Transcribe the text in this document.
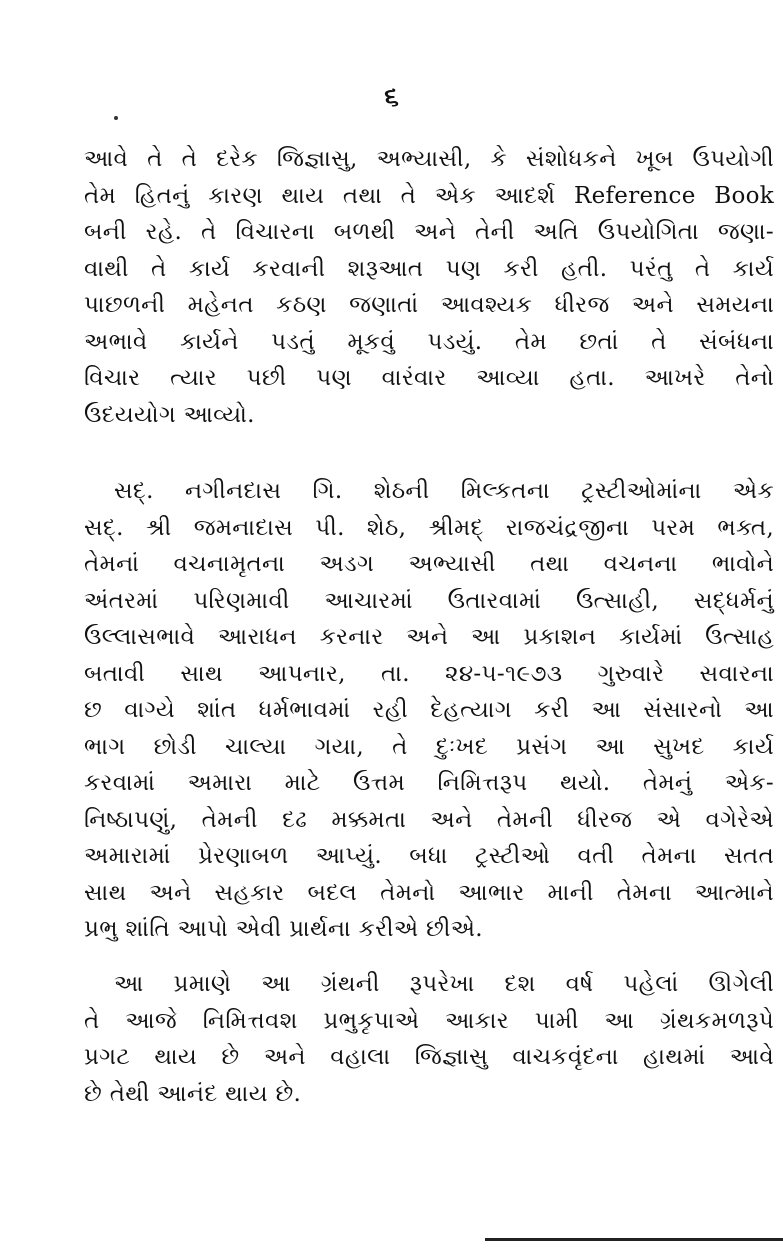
૬
આવે તે તે દરેક જિજ્ઞાસુ, અભ્યાસી, કે સંશોધકને ખૂબ ઉપયોગી
તેમ હિતનું કારણ થાય તથા તે એક આદર્શ Reference Book
બની રહે. તે વિચારના બળથી અને તેની અતિ ઉપયોગિતા જણા-
વાથી તે કાર્ય કરવાની શરૂઆત પણ કરી હતી. પરંતુ તે કાર્ય
પાછળની મહેનત કઠણ જણાતાં આવશ્યક ધીરજ અને સમયના
અભાવે કાર્યને પડતું મૂકવું પડયું. તેમ છતાં તે સંબંધના
વિચાર ત્યાર પછી પણ વારંવાર આવ્યા હતા. આખરે તેનો
ઉદયયોગ આવ્યો.
સદ્. નગીનદાસ ગિ. શેઠની મિલ્કતના ટ્રસ્ટીઓમાંના એક
સદ્. શ્રી જમનાદાસ પી. શેઠ, શ્રીમદ્ રાજચંદ્રજીના પરમ ભક્ત,
તેમનાં વચનામૃતના અડગ અભ્યાસી તથા વચનના ભાવોને
અંતરમાં પરિણમાવી આચારમાં ઉતારવામાં ઉત્સાહી, સદ્ધર્મનું
ઉલ્લાસભાવે આરાધન કરનાર અને આ પ્રકાશન કાર્યમાં ઉત્સાહ
બતાવી સાથ આપનાર, તા. ૨૪-૫-૧૯૭૩ ગુરુવારે સવારના
છ વાગ્યે શાંત ધર્મભાવમાં રહી દેહત્યાગ કરી આ સંસારનો આ
ભાગ છોડી ચાલ્યા ગયા, તે દુઃખદ પ્રસંગ આ સુખદ કાર્ય
કરવામાં અમારા માટે ઉત્તમ નિમિત્તરૂપ થયો. તેમનું એક-
નિષ્ઠાપણું, તેમની દઢ મક્કમતા અને તેમની ધીરજ એ વગેરેએ
અમારામાં પ્રેરણાબળ આપ્યું. બધા ટ્રસ્ટીઓ વતી તેમના સતત
સાથ અને સહકાર બદલ તેમનો આભાર માની તેમના આત્માને
પ્રભુ શાંતિ આપો એવી પ્રાર્થના કરીએ છીએ.
આ પ્રમાણે આ ગ્રંથની રૂપરેખા દશ વર્ષ પહેલાં ઊગેલી
તે આજે નિમિત્તવશ પ્રભુકૃપાએ આકાર પામી આ ગ્રંથકમળરૂપે
પ્રગટ થાય છે અને વહાલા જિજ્ઞાસુ વાચકવૃંદના હાથમાં આવે
છે તેથી આનંદ થાય છે.
